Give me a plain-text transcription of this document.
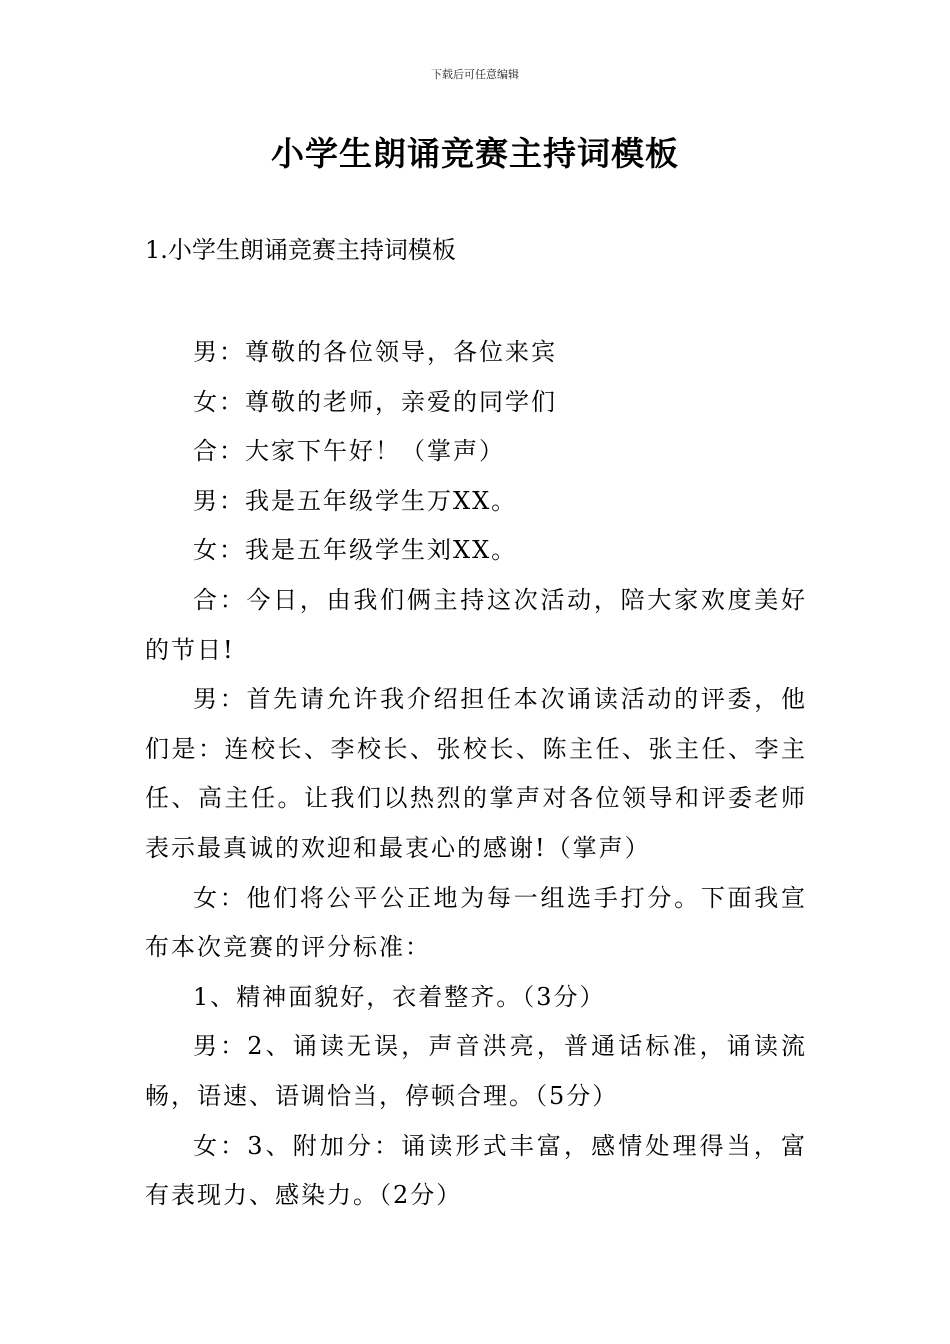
下载后可任意编辑
小学生朗诵竞赛主持词模板
1.小学生朗诵竞赛主持词模板

男：尊敬的各位领导，各位来宾

女：尊敬的老师，亲爱的同学们

合：大家下午好！（掌声）

男：我是五年级学生万XX。

女：我是五年级学生刘XX。

合：今日，由我们俩主持这次活动，陪大家欢度美好的节日!

男：首先请允许我介绍担任本次诵读活动的评委，他们是：连校长、李校长、张校长、陈主任、张主任、李主任、高主任。让我们以热烈的掌声对各位领导和评委老师表示最真诚的欢迎和最衷心的感谢!（掌声）

女：他们将公平公正地为每一组选手打分。下面我宣布本次竞赛的评分标准：

1、精神面貌好，衣着整齐。（3分）

男：2、诵读无误，声音洪亮，普通话标准，诵读流畅，语速、语调恰当，停顿合理。（5分）

女：3、附加分：诵读形式丰富，感情处理得当，富有表现力、感染力。（2分）
